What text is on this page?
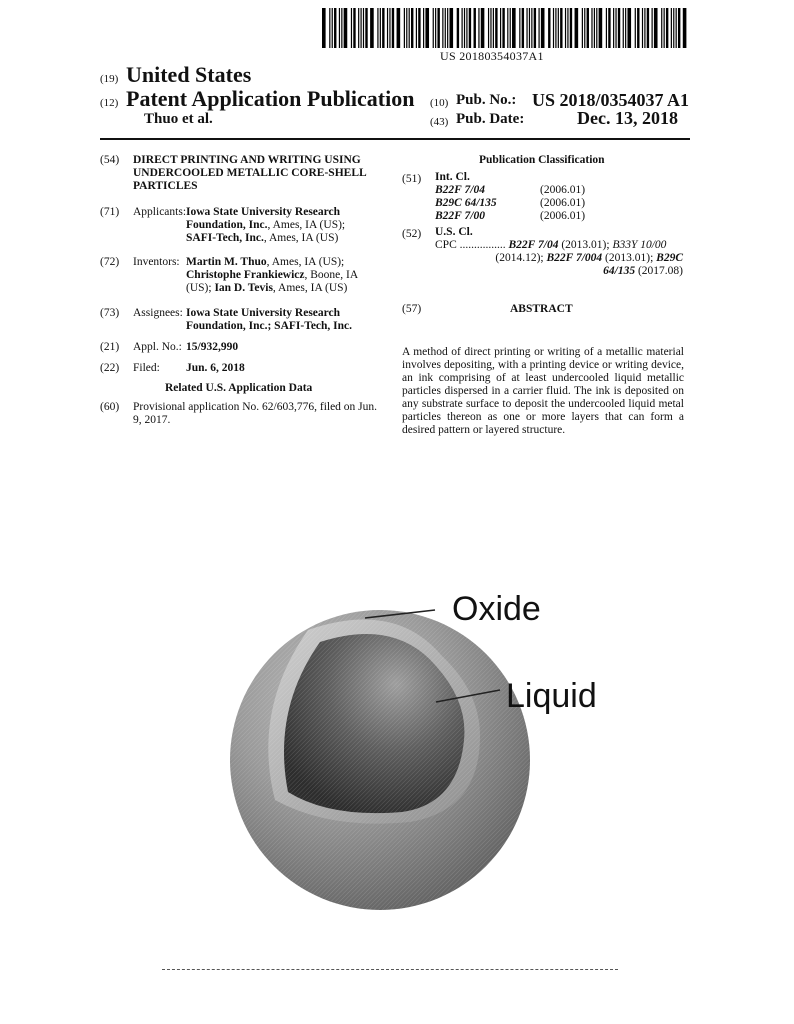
US 20180354037A1
(19) United States
(12) Patent Application Publication
Thuo et al.
(10) Pub. No.: US 2018/0354037 A1
(43) Pub. Date:	Dec. 13, 2018
(54) DIRECT PRINTING AND WRITING USING
UNDERCOOLED METALLIC CORE-SHELL
PARTICLES
(71) Applicants: Iowa State University Research
Foundation, Inc., Ames, IA (US);
SAFI-Tech, Inc., Ames, IA (US)
(72) Inventors: Martin M. Thuo, Ames, IA (US);
Christophe Frankiewicz, Boone, IA
(US); Ian D. Tevis, Ames, IA (US)
(73) Assignees: Iowa State University Research
Foundation, Inc.; SAFI-Tech, Inc.
(21) Appl. No.: 15/932,990
(22) Filed: Jun. 6, 2018
Related U.S. Application Data
(60) Provisional application No. 62/603,776, filed on Jun.
9, 2017.
Publication Classification
(51) Int. Cl.
B22F 7/04	(2006.01)
B29C 64/135	(2006.01)
B22F 7/00	(2006.01)
(52) U.S. Cl.
CPC ................ B22F 7/04 (2013.01); B33Y 10/00
(2014.12); B22F 7/004 (2013.01); B29C
64/135 (2017.08)
(57)	ABSTRACT
A method of direct printing or writing of a metallic material
involves depositing, with a printing device or writing device,
an ink comprising of at least undercooled liquid metallic
particles dispersed in a carrier fluid. The ink is deposited on
any substrate surface to deposit the undercooled liquid metal
particles thereon as one or more layers that can form a
desired pattern or layered structure.
Oxide
Liquid
